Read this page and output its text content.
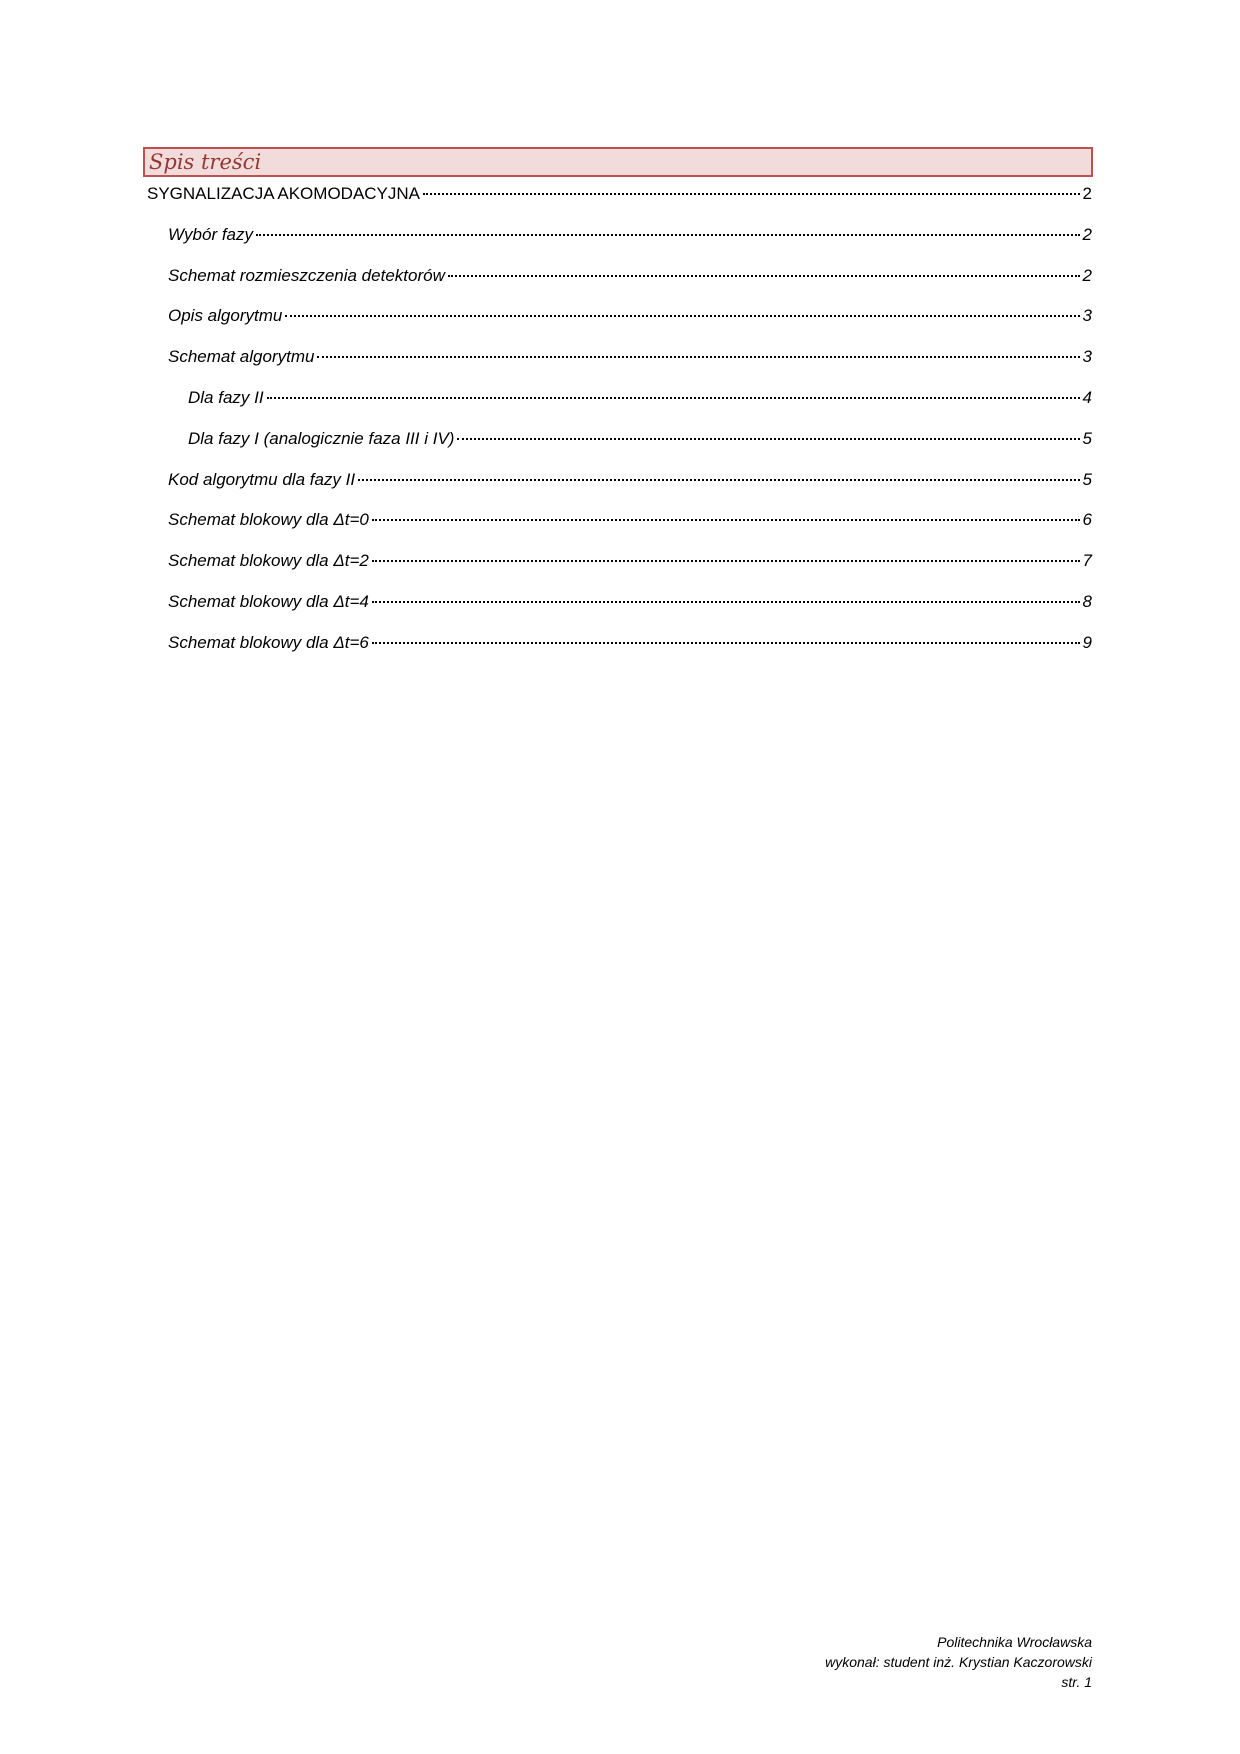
Spis treści
SYGNALIZACJA AKOMODACYJNA	2
Wybór fazy	2
Schemat rozmieszczenia detektorów	2
Opis algorytmu	3
Schemat algorytmu	3
Dla fazy II	4
Dla fazy I (analogicznie faza III i IV)	5
Kod algorytmu dla fazy II	5
Schemat blokowy dla Δt=0	6
Schemat blokowy dla Δt=2	7
Schemat blokowy dla Δt=4	8
Schemat blokowy dla Δt=6	9
Politechnika Wrocławska
wykonał: student inż. Krystian Kaczorowski
str. 1
